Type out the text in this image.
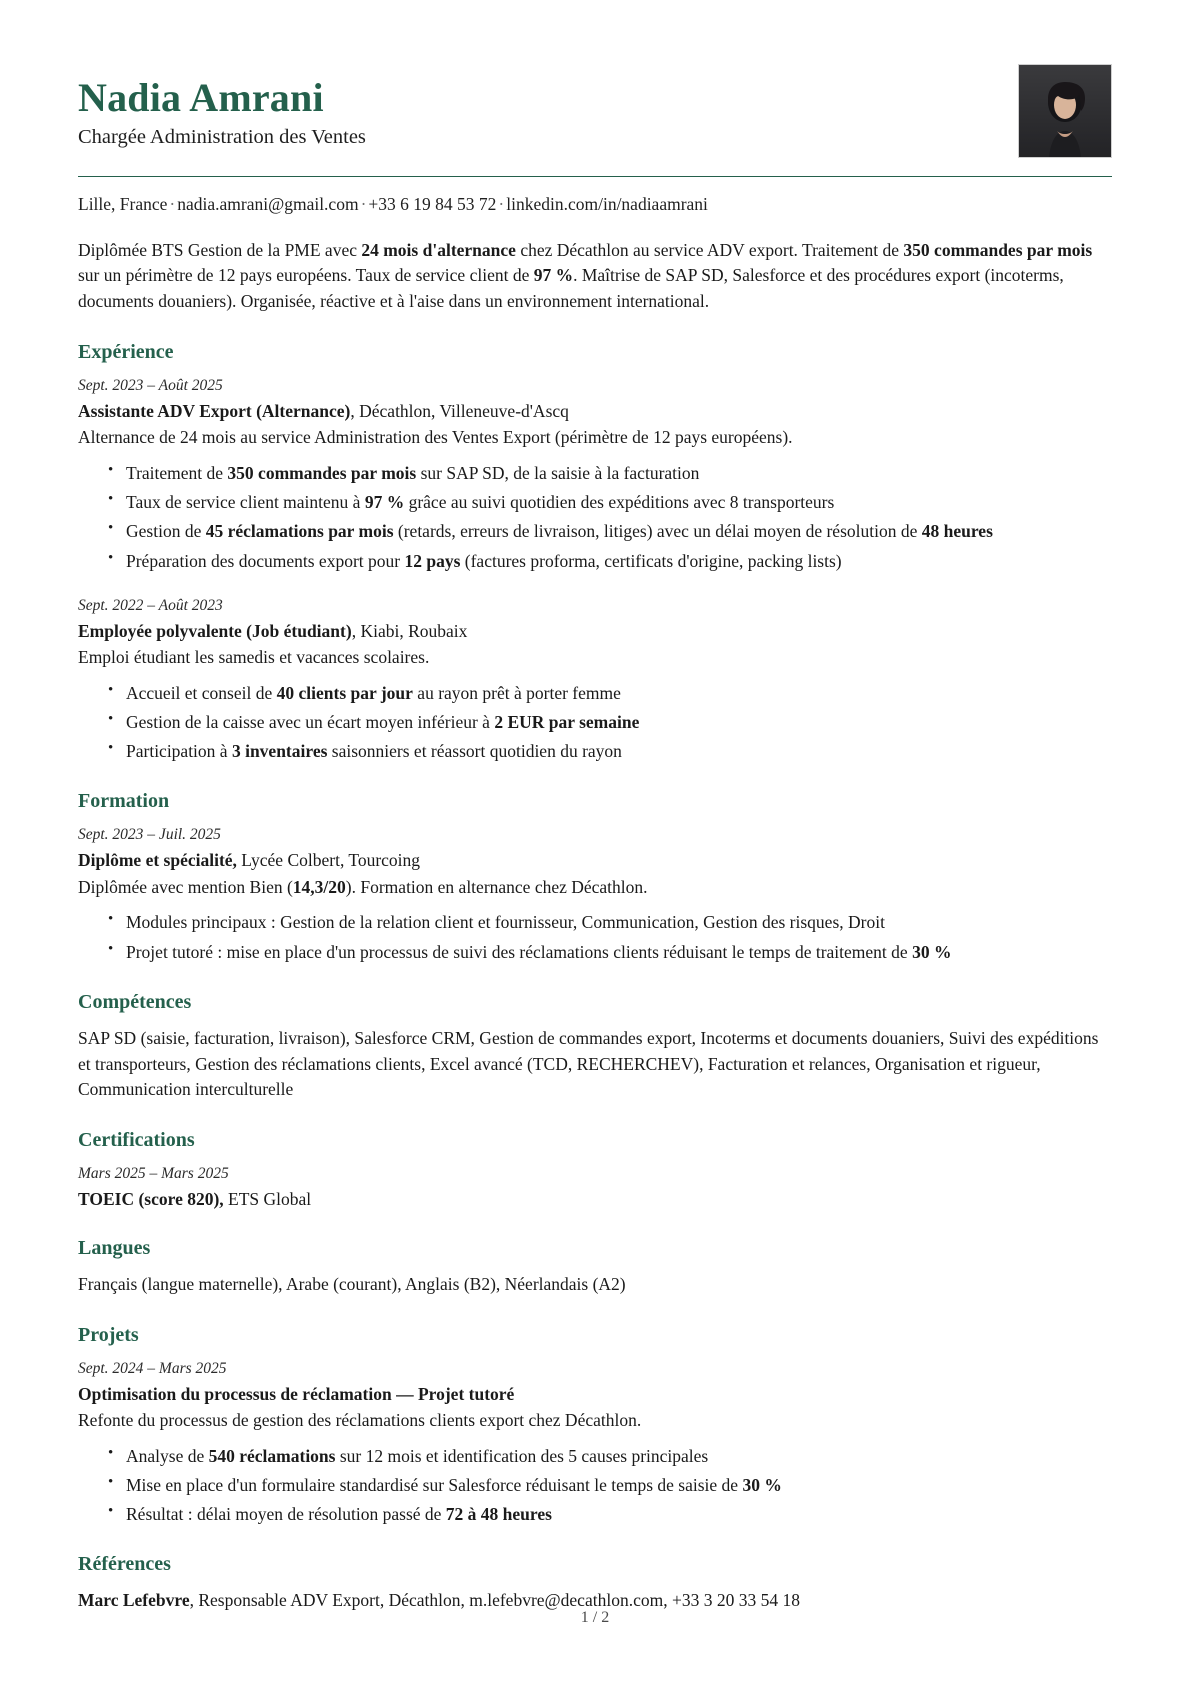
Nadia Amrani
Chargée Administration des Ventes
Lille, France · nadia.amrani@gmail.com · +33 6 19 84 53 72 · linkedin.com/in/nadiaamrani

Diplômée BTS Gestion de la PME avec 24 mois d'alternance chez Décathlon au service ADV export. Traitement de 350 commandes par mois sur un périmètre de 12 pays européens. Taux de service client de 97 %. Maîtrise de SAP SD, Salesforce et des procédures export (incoterms, documents douaniers). Organisée, réactive et à l'aise dans un environnement international.

Expérience
Sept. 2023 – Août 2025
Assistante ADV Export (Alternance), Décathlon, Villeneuve-d'Ascq
Alternance de 24 mois au service Administration des Ventes Export (périmètre de 12 pays européens).
• Traitement de 350 commandes par mois sur SAP SD, de la saisie à la facturation
• Taux de service client maintenu à 97 % grâce au suivi quotidien des expéditions avec 8 transporteurs
• Gestion de 45 réclamations par mois (retards, erreurs de livraison, litiges) avec un délai moyen de résolution de 48 heures
• Préparation des documents export pour 12 pays (factures proforma, certificats d'origine, packing lists)
Sept. 2022 – Août 2023
Employée polyvalente (Job étudiant), Kiabi, Roubaix
Emploi étudiant les samedis et vacances scolaires.
• Accueil et conseil de 40 clients par jour au rayon prêt à porter femme
• Gestion de la caisse avec un écart moyen inférieur à 2 EUR par semaine
• Participation à 3 inventaires saisonniers et réassort quotidien du rayon
Formation
Sept. 2023 – Juil. 2025
Diplôme et spécialité, Lycée Colbert, Tourcoing
Diplômée avec mention Bien (14,3/20). Formation en alternance chez Décathlon.
• Modules principaux : Gestion de la relation client et fournisseur, Communication, Gestion des risques, Droit
• Projet tutoré : mise en place d'un processus de suivi des réclamations clients réduisant le temps de traitement de 30 %
Compétences

SAP SD (saisie, facturation, livraison), Salesforce CRM, Gestion de commandes export, Incoterms et documents douaniers, Suivi des expéditions et transporteurs, Gestion des réclamations clients, Excel avancé (TCD, RECHERCHEV), Facturation et relances, Organisation et rigueur, Communication interculturelle

Certifications
Mars 2025 – Mars 2025
TOEIC (score 820), ETS Global
Langues

Français (langue maternelle), Arabe (courant), Anglais (B2), Néerlandais (A2)

Projets
Sept. 2024 – Mars 2025
Optimisation du processus de réclamation — Projet tutoré
Refonte du processus de gestion des réclamations clients export chez Décathlon.
• Analyse de 540 réclamations sur 12 mois et identification des 5 causes principales
• Mise en place d'un formulaire standardisé sur Salesforce réduisant le temps de saisie de 30 %
• Résultat : délai moyen de résolution passé de 72 à 48 heures
Références
Marc Lefebvre, Responsable ADV Export, Décathlon, m.lefebvre@decathlon.com, +33 3 20 33 54 18
1 / 2
